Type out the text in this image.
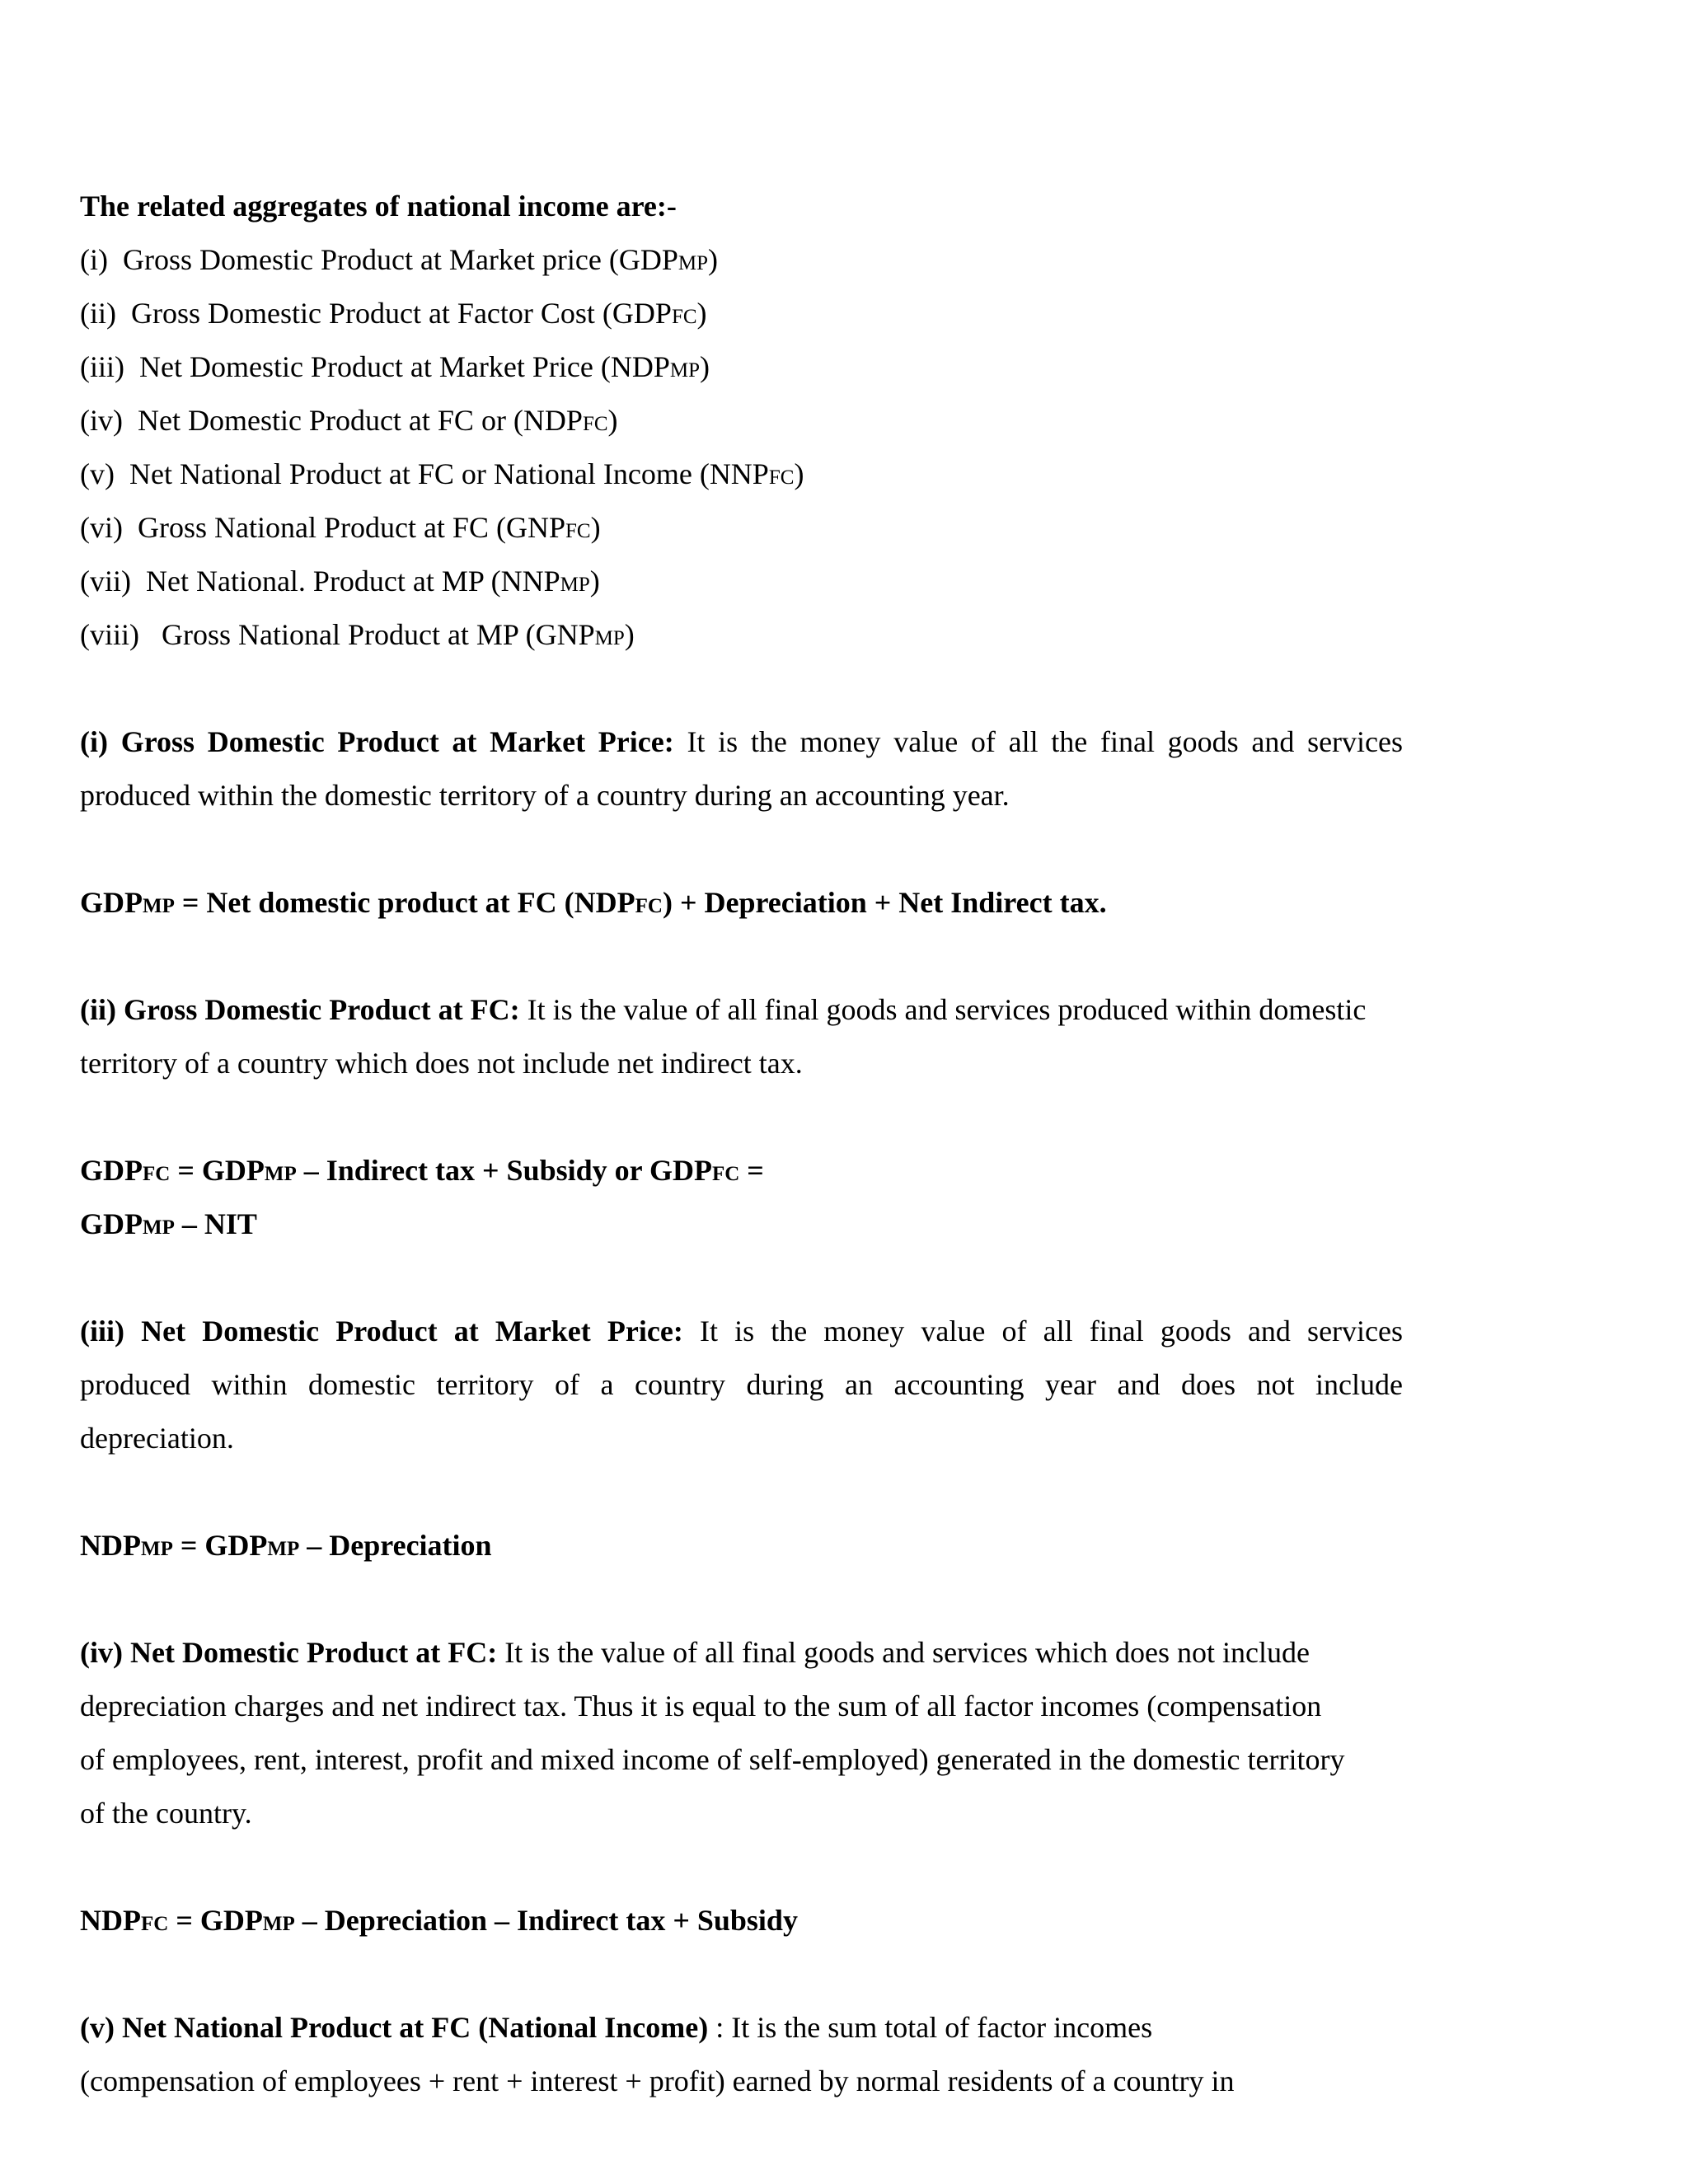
The related aggregates of national income are:-
(i) Gross Domestic Product at Market price (GDPMP)
(ii) Gross Domestic Product at Factor Cost (GDPFC)
(iii) Net Domestic Product at Market Price (NDPMP)
(iv) Net Domestic Product at FC or (NDPFC)
(v) Net National Product at FC or National Income (NNPFC)
(vi) Gross National Product at FC (GNPFC)
(vii) Net National. Product at MP (NNPMP)
(viii) Gross National Product at MP (GNPMP)
(i) Gross Domestic Product at Market Price: It is the money value of all the final goods and services
produced within the domestic territory of a country during an accounting year.
GDPMP = Net domestic product at FC (NDPFC) + Depreciation + Net Indirect tax.
(ii) Gross Domestic Product at FC: It is the value of all final goods and services produced within domestic
territory of a country which does not include net indirect tax.
GDPFC = GDPMP – Indirect tax + Subsidy or GDPFC =
GDPMP – NIT
(iii) Net Domestic Product at Market Price: It is the money value of all final goods and services
produced within domestic territory of a country during an accounting year and does not include
depreciation.
NDPMP = GDPMP – Depreciation
(iv) Net Domestic Product at FC: It is the value of all final goods and services which does not include
depreciation charges and net indirect tax. Thus it is equal to the sum of all factor incomes (compensation
of employees, rent, interest, profit and mixed income of self-employed) generated in the domestic territory
of the country.
NDPFC = GDPMP – Depreciation – Indirect tax + Subsidy
(v) Net National Product at FC (National Income) : It is the sum total of factor incomes
(compensation of employees + rent + interest + profit) earned by normal residents of a country in
